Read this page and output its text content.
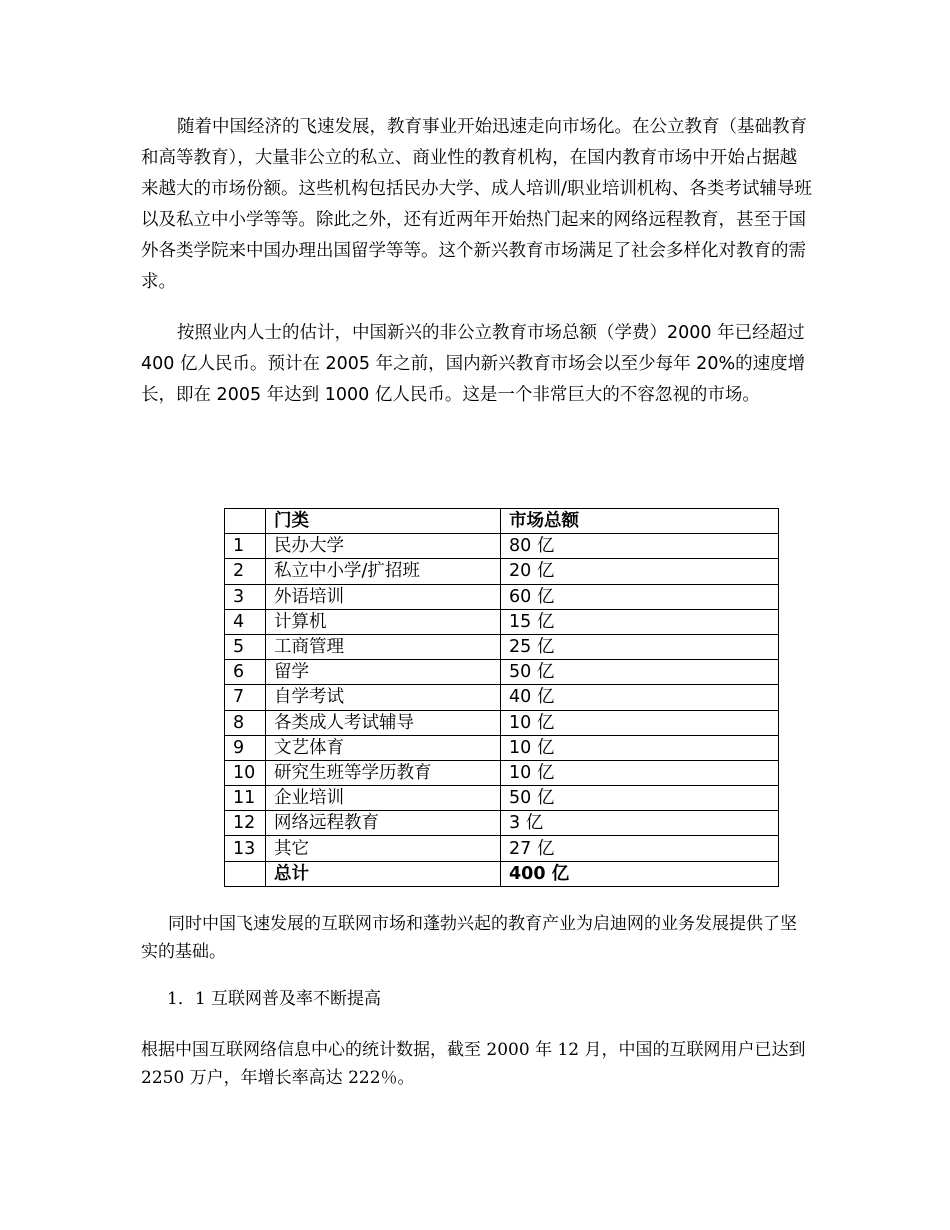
随着中国经济的飞速发展，教育事业开始迅速走向市场化。在公立教育（基础教育和高等教育），大量非公立的私立、商业性的教育机构，在国内教育市场中开始占据越来越大的市场份额。这些机构包括民办大学、成人培训/职业培训机构、各类考试辅导班以及私立中小学等等。除此之外，还有近两年开始热门起来的网络远程教育，甚至于国外各类学院来中国办理出国留学等等。这个新兴教育市场满足了社会多样化对教育的需求。

按照业内人士的估计，中国新兴的非公立教育市场总额（学费）2000 年已经超过 400 亿人民币。预计在 2005 年之前，国内新兴教育市场会以至少每年 20%的速度增长，即在 2005 年达到 1000 亿人民币。这是一个非常巨大的不容忽视的市场。

	门类	市场总额
1	民办大学	80 亿
2	私立中小学/扩招班	20 亿
3	外语培训	60 亿
4	计算机	15 亿
5	工商管理	25 亿
6	留学	50 亿
7	自学考试	40 亿
8	各类成人考试辅导	10 亿
9	文艺体育	10 亿
10	研究生班等学历教育	10 亿
11	企业培训	50 亿
12	网络远程教育	3 亿
13	其它	27 亿
	总计	400 亿

同时中国飞速发展的互联网市场和蓬勃兴起的教育产业为启迪网的业务发展提供了坚实的基础。

1．1 互联网普及率不断提高

根据中国互联网络信息中心的统计数据，截至 2000 年 12 月，中国的互联网用户已达到 2250 万户，年增长率高达 222％。
